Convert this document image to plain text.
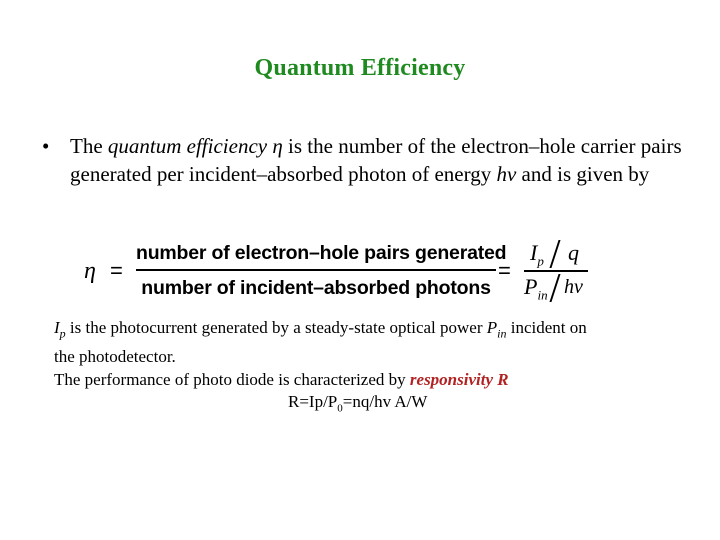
Quantum Efficiency
• The quantum efficiency η is the number of the electron–hole carrier pairs generated per incident–absorbed photon of energy hν and is given by
η =
number of electron–hole pairs generated
number of incident–absorbed photons
=
$I_p$ q
$P_{in}$ hν
$I_p$ is the photocurrent generated by a steady-state optical power $P_{in}$ incident on
the photodetector.
The performance of photo diode is characterized by responsivity R
$R=Ip/P_0=nq/hv$ A/W
